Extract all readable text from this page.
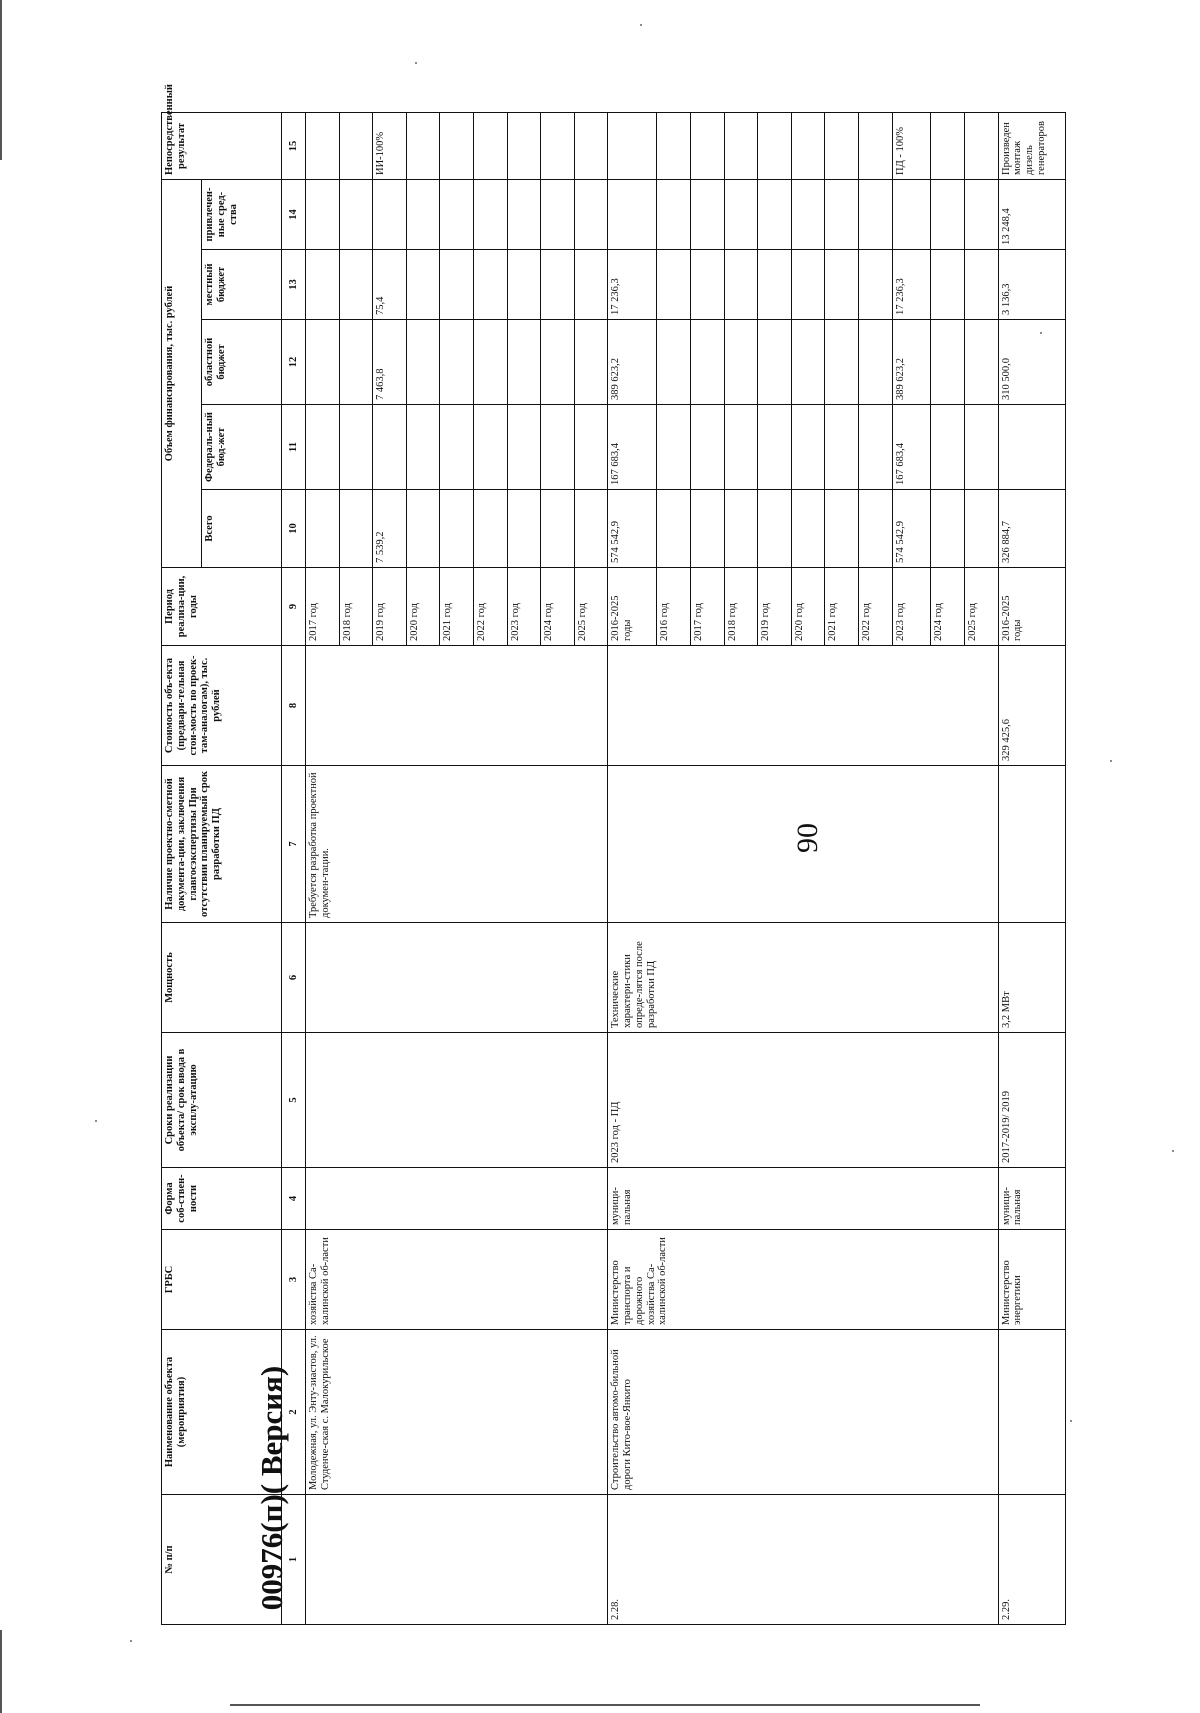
90
00976(п)( Версия)
№ п/п	Наименование объекта (мероприятия)	ГРБС	Форма соб-ствен-ности	Сроки реализации объекта/ срок ввода в эксплу-атацию	Мощность	Наличие проектно-сметной документа-ции, заключения главгосэкспертизы При отсутствии планируемый срок разработки ПД	Стоимость объ-екта (предвари-тельная стои-мость по проек-там-аналогам), тыс. рублей	Период реализа-ции, годы	Объем финансирования, тыс. рублей					Непосредственный результат
									Всего	Федераль-ный бюд-жет	областной бюджет	местный бюджет	привлечен-ные сред-ства	
1	2	3	4	5	6	7	8	9	10	11	12	13	14	15
	Молодежная, ул. Энту-зиастов, ул. Студенче-ская с. Малокурильское	хозяйства Са-халинской об-ласти				Требуется разработка проектной докумен-тации.		2017 год						
								2018 год						
								2019 год	7 539,2		7 463,8	75,4		ИИ-100%
								2020 год						
								2021 год						
								2022 год						
								2023 год						
								2024 год						
								2025 год						
2.28.	Строительство автомо-бильной дороги Кито-вое-Янкито	Министерство транспорта и дорожного хозяйства Са-халинской об-ласти	муници-пальная	2023 год - ПД	Технические характери-стики опреде-лятся после разработки ПД			2016-2025 годы	574 542,9	167 683,4	389 623,2	17 236,3		
								2016 год						
								2017 год						
								2018 год						
								2019 год						
								2020 год						
								2021 год						
								2022 год						
								2023 год	574 542,9	167 683,4	389 623,2	17 236,3		ПД - 100%
								2024 год						
								2025 год						
2.29.		Министерство энергетики	муници-пальная	2017-2019/ 2019	3,2 МВт		329 425,6	2016-2025 годы	326 884,7		310 500,0	3 136,3	13 248,4	Произведен монтаж дизель генераторов
